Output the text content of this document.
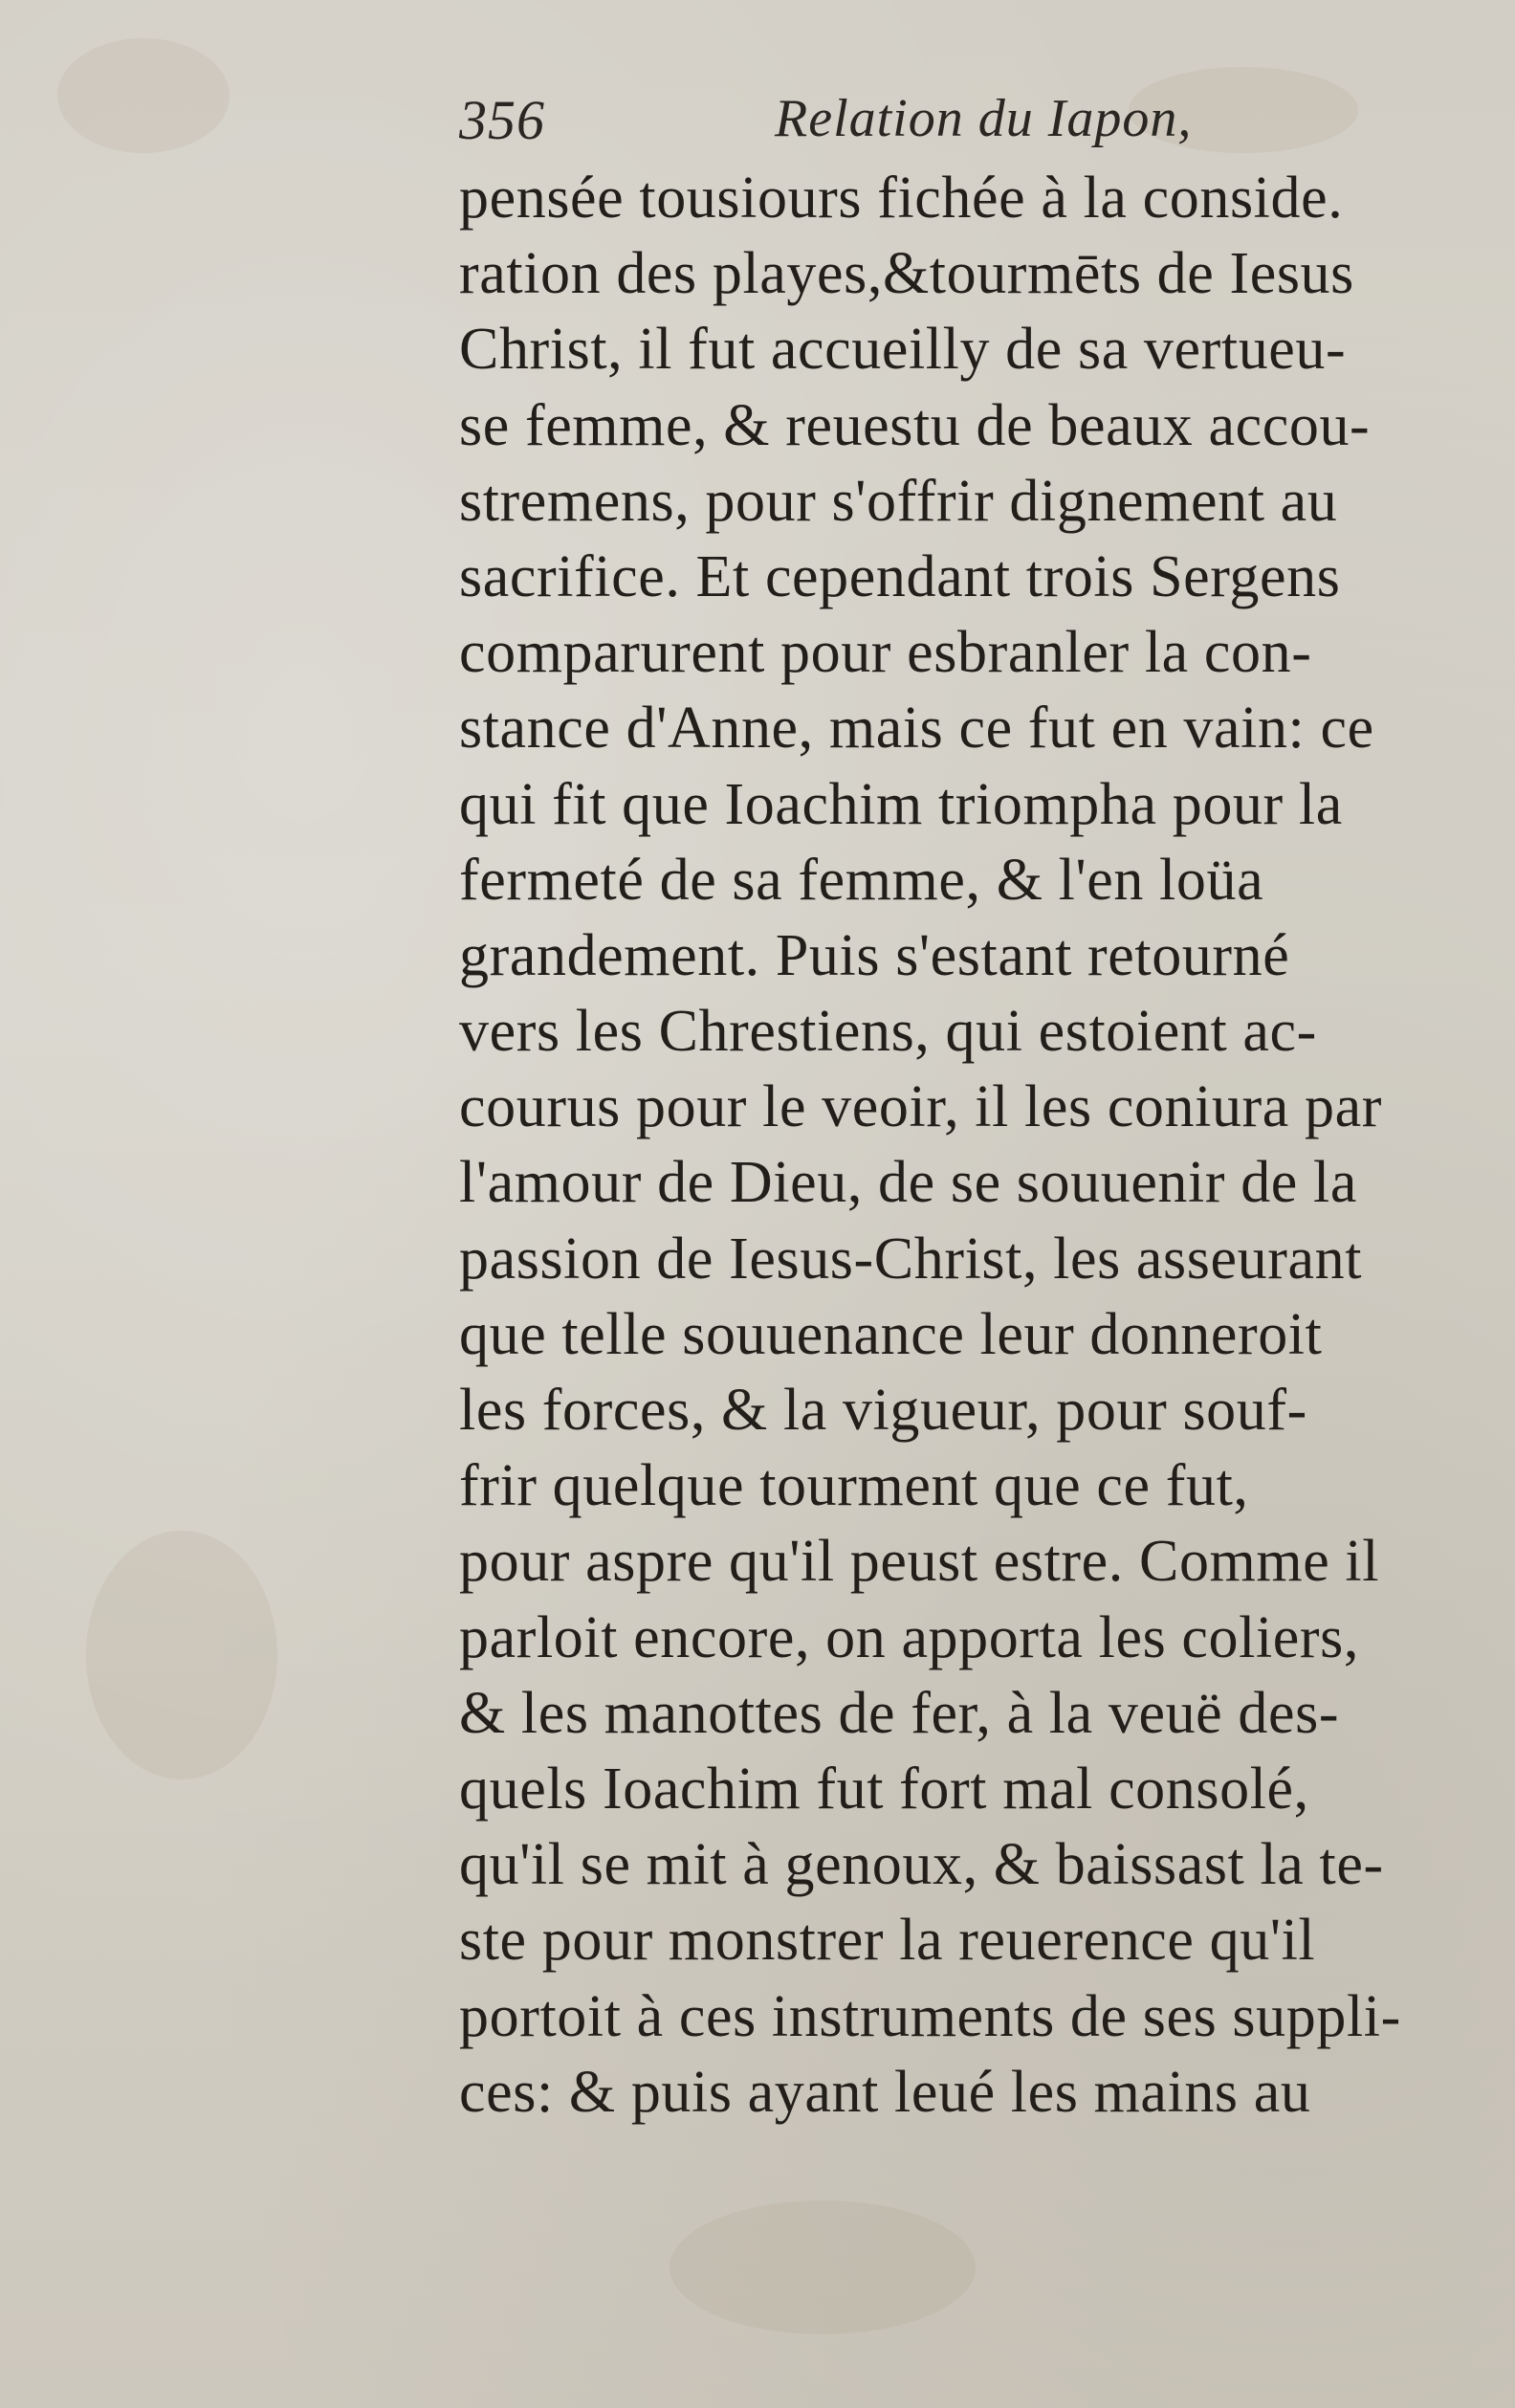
356	Relation du Iapon,
pensée tousiours fichée à la conside.
ration des playes,&tourmēts de Iesus
Christ, il fut accueilly de sa vertueu-
se femme, & reuestu de beaux accou-
stremens, pour s'offrir dignement au
sacrifice. Et cependant trois Sergens
comparurent pour esbranler la con-
stance d'Anne, mais ce fut en vain: ce
qui fit que Ioachim triompha pour la
fermeté de sa femme, & l'en loüa
grandement. Puis s'estant retourné
vers les Chrestiens, qui estoient ac-
courus pour le veoir, il les coniura par
l'amour de Dieu, de se souuenir de la
passion de Iesus-Christ, les asseurant
que telle souuenance leur donneroit
les forces, & la vigueur, pour souf-
frir quelque tourment que ce fut,
pour aspre qu'il peust estre. Comme il
parloit encore, on apporta les coliers,
& les manottes de fer, à la veuë des-
quels Ioachim fut fort mal consolé,
qu'il se mit à genoux, & baissast la te-
ste pour monstrer la reuerence qu'il
portoit à ces instruments de ses suppli-
ces: & puis ayant leué les mains au
